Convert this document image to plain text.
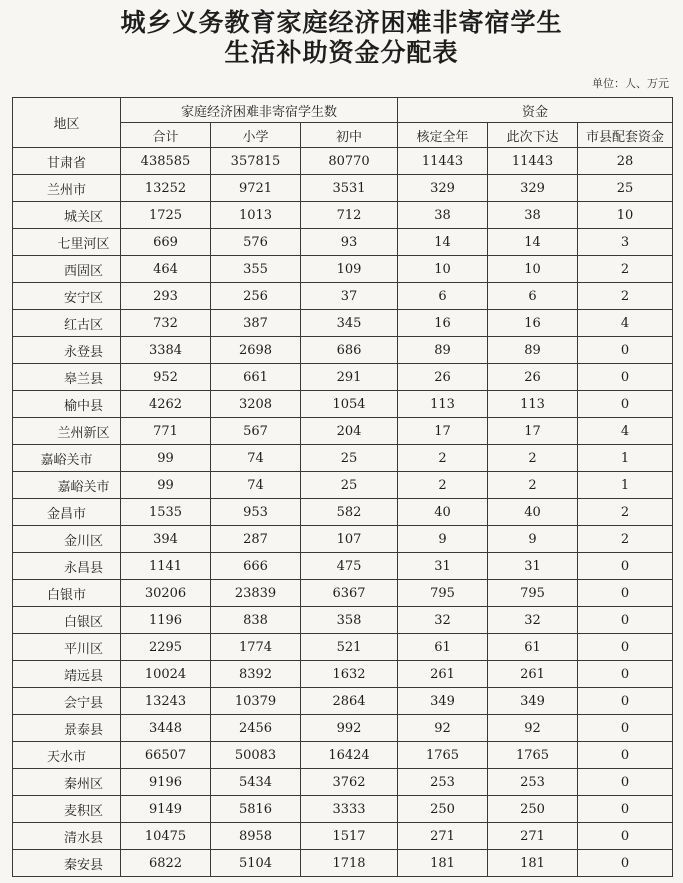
城乡义务教育家庭经济困难非寄宿学生
生活补助资金分配表
单位：人、万元
地区	家庭经济困难非寄宿学生数			资金		
	合计	小学	初中	核定全年	此次下达	市县配套资金
甘肃省	438585	357815	80770	11443	11443	28
兰州市	13252	9721	3531	329	329	25
城关区	1725	1013	712	38	38	10
七里河区	669	576	93	14	14	3
西固区	464	355	109	10	10	2
安宁区	293	256	37	6	6	2
红古区	732	387	345	16	16	4
永登县	3384	2698	686	89	89	0
皋兰县	952	661	291	26	26	0
榆中县	4262	3208	1054	113	113	0
兰州新区	771	567	204	17	17	4
嘉峪关市	99	74	25	2	2	1
嘉峪关市	99	74	25	2	2	1
金昌市	1535	953	582	40	40	2
金川区	394	287	107	9	9	2
永昌县	1141	666	475	31	31	0
白银市	30206	23839	6367	795	795	0
白银区	1196	838	358	32	32	0
平川区	2295	1774	521	61	61	0
靖远县	10024	8392	1632	261	261	0
会宁县	13243	10379	2864	349	349	0
景泰县	3448	2456	992	92	92	0
天水市	66507	50083	16424	1765	1765	0
秦州区	9196	5434	3762	253	253	0
麦积区	9149	5816	3333	250	250	0
清水县	10475	8958	1517	271	271	0
秦安县	6822	5104	1718	181	181	0
